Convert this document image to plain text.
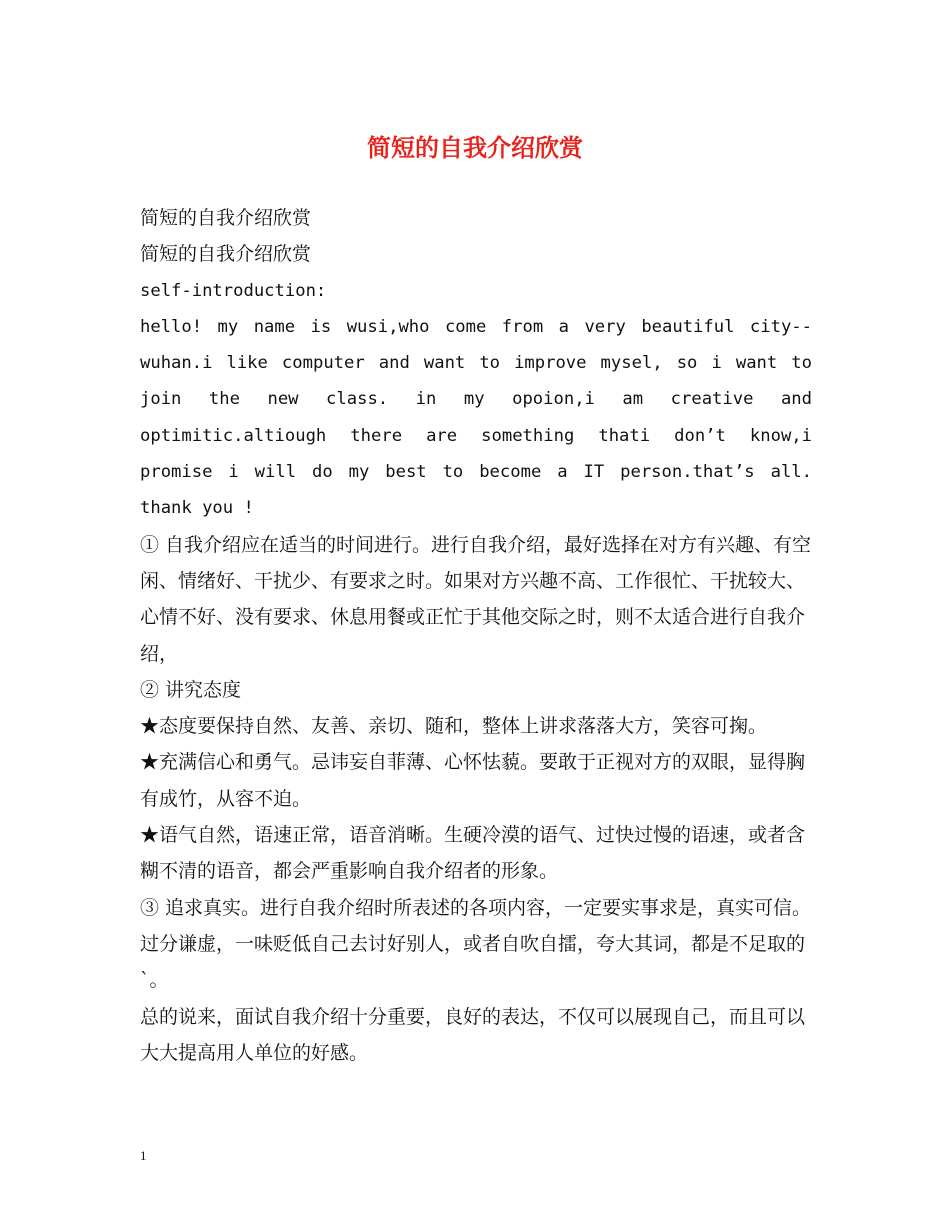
简短的自我介绍欣赏

简短的自我介绍欣赏

简短的自我介绍欣赏

self-introduction:

hello! my name is wusi,who come from a very beautiful city--wuhan.i like computer and want to improve mysel, so i want to join the new class. in my opoion,i am creative and optimitic.altiough there are something thati don’t know,i promise i will do my best to become a IT person.that’s all. thank you !

① 自我介绍应在适当的时间进行。进行自我介绍，最好选择在对方有兴趣、有空闲、情绪好、干扰少、有要求之时。如果对方兴趣不高、工作很忙、干扰较大、心情不好、没有要求、休息用餐或正忙于其他交际之时，则不太适合进行自我介绍，

② 讲究态度

★态度要保持自然、友善、亲切、随和，整体上讲求落落大方，笑容可掬。

★充满信心和勇气。忌讳妄自菲薄、心怀怯藐。要敢于正视对方的双眼，显得胸有成竹，从容不迫。

★语气自然，语速正常，语音消晰。生硬冷漠的语气、过快过慢的语速，或者含糊不清的语音，都会严重影响自我介绍者的形象。

③ 追求真实。进行自我介绍时所表述的各项内容，一定要实事求是，真实可信。过分谦虚，一味贬低自己去讨好别人，或者自吹自擂，夸大其词，都是不足取的`。

总的说来，面试自我介绍十分重要，良好的表达，不仅可以展现自己，而且可以大大提高用人单位的好感。

1
